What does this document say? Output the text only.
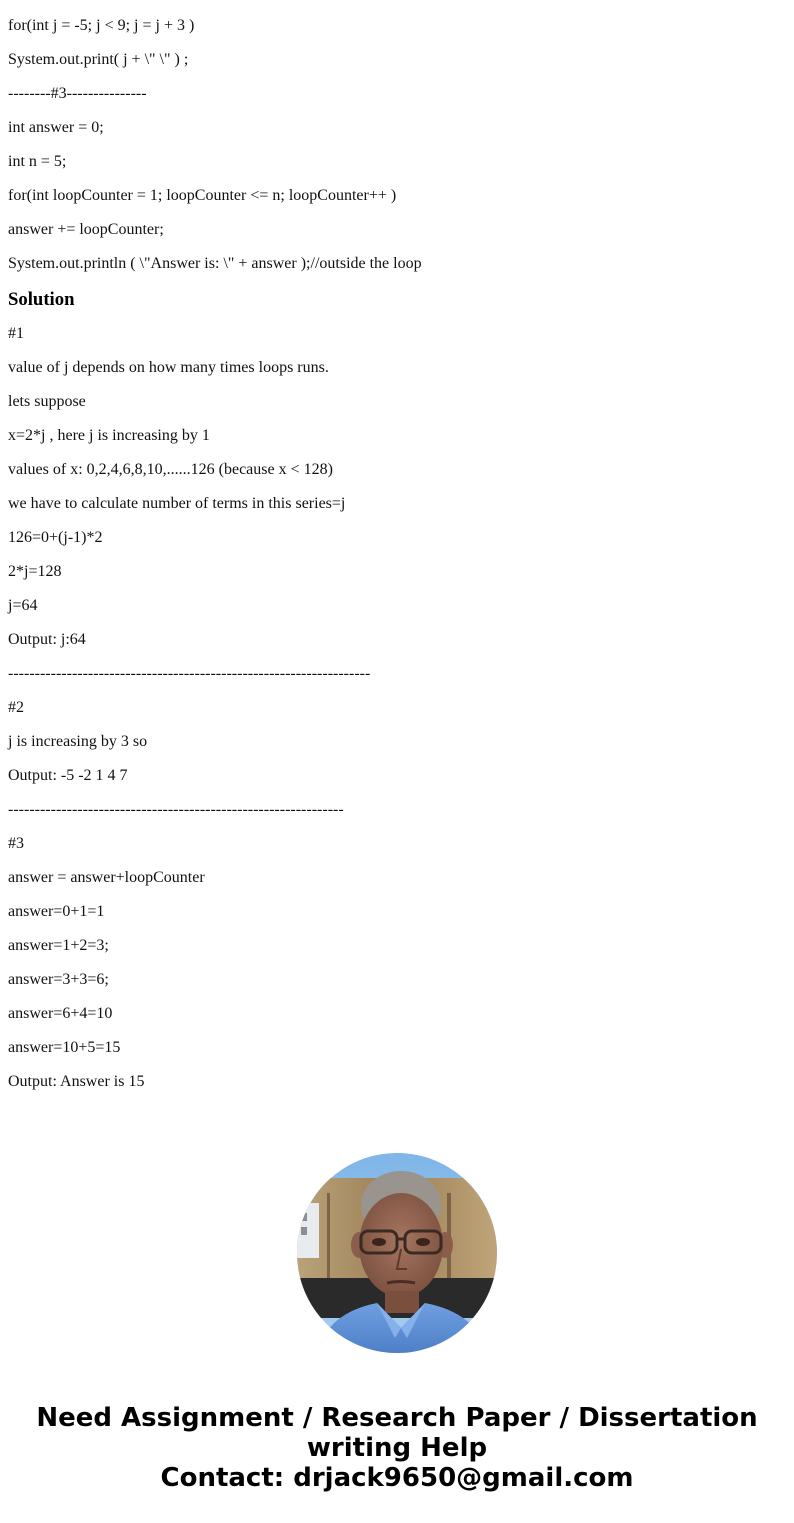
for(int j = -5; j < 9; j = j + 3 )

System.out.print( j + \" \" ) ;

--------#3---------------

int answer = 0;

int n = 5;

for(int loopCounter = 1; loopCounter <= n; loopCounter++ )

answer += loopCounter;

System.out.println ( \"Answer is: \" + answer );//outside the loop

Solution

#1

value of j depends on how many times loops runs.

lets suppose

x=2*j , here j is increasing by 1

values of x: 0,2,4,6,8,10,......126 (because x < 128)

we have to calculate number of terms in this series=j

126=0+(j-1)*2

2*j=128

j=64

Output: j:64

--------------------------------------------------------------------

#2

j is increasing by 3 so

Output: -5 -2 1 4 7

---------------------------------------------------------------

#3

answer = answer+loopCounter

answer=0+1=1

answer=1+2=3;

answer=3+3=6;

answer=6+4=10

answer=10+5=15

Output: Answer is 15

Need Assignment / Research Paper / Dissertation
writing Help
Contact: drjack9650@gmail.com
